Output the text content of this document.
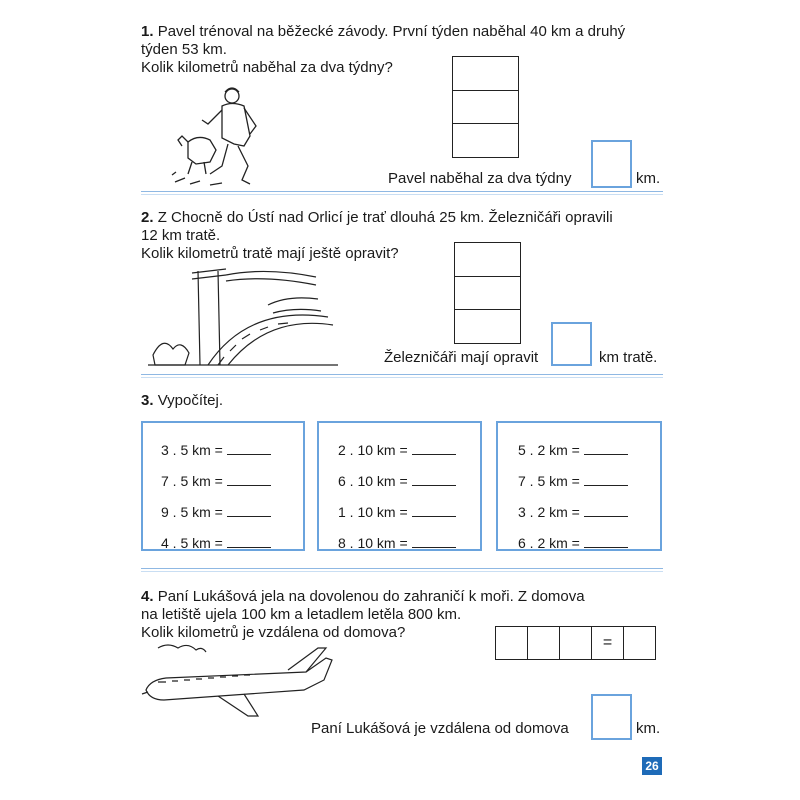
1. Pavel trénoval na běžecké závody. První týden naběhal 40 km a druhý
týden 53 km.
Kolik kilometrů naběhal za dva týdny?
Pavel naběhal za dva týdny	km.
2. Z Chocně do Ústí nad Orlicí je trať dlouhá 25 km. Železničáři opravili
12 km tratě.
Kolik kilometrů tratě mají ještě opravit?
Železničáři mají opravit	km tratě.
3. Vypočítej.
3 . 5 km =
7 . 5 km =
9 . 5 km =
4 . 5 km =
2 . 10 km =
6 . 10 km =
1 . 10 km =
8 . 10 km =
5 . 2 km =
7 . 5 km =
3 . 2 km =
6 . 2 km =
4. Paní Lukášová jela na dovolenou do zahraničí k moři. Z domova
na letiště ujela 100 km a letadlem letěla 800 km.
Kolik kilometrů je vzdálena od domova?
=
Paní Lukášová je vzdálena od domova	km.
26
